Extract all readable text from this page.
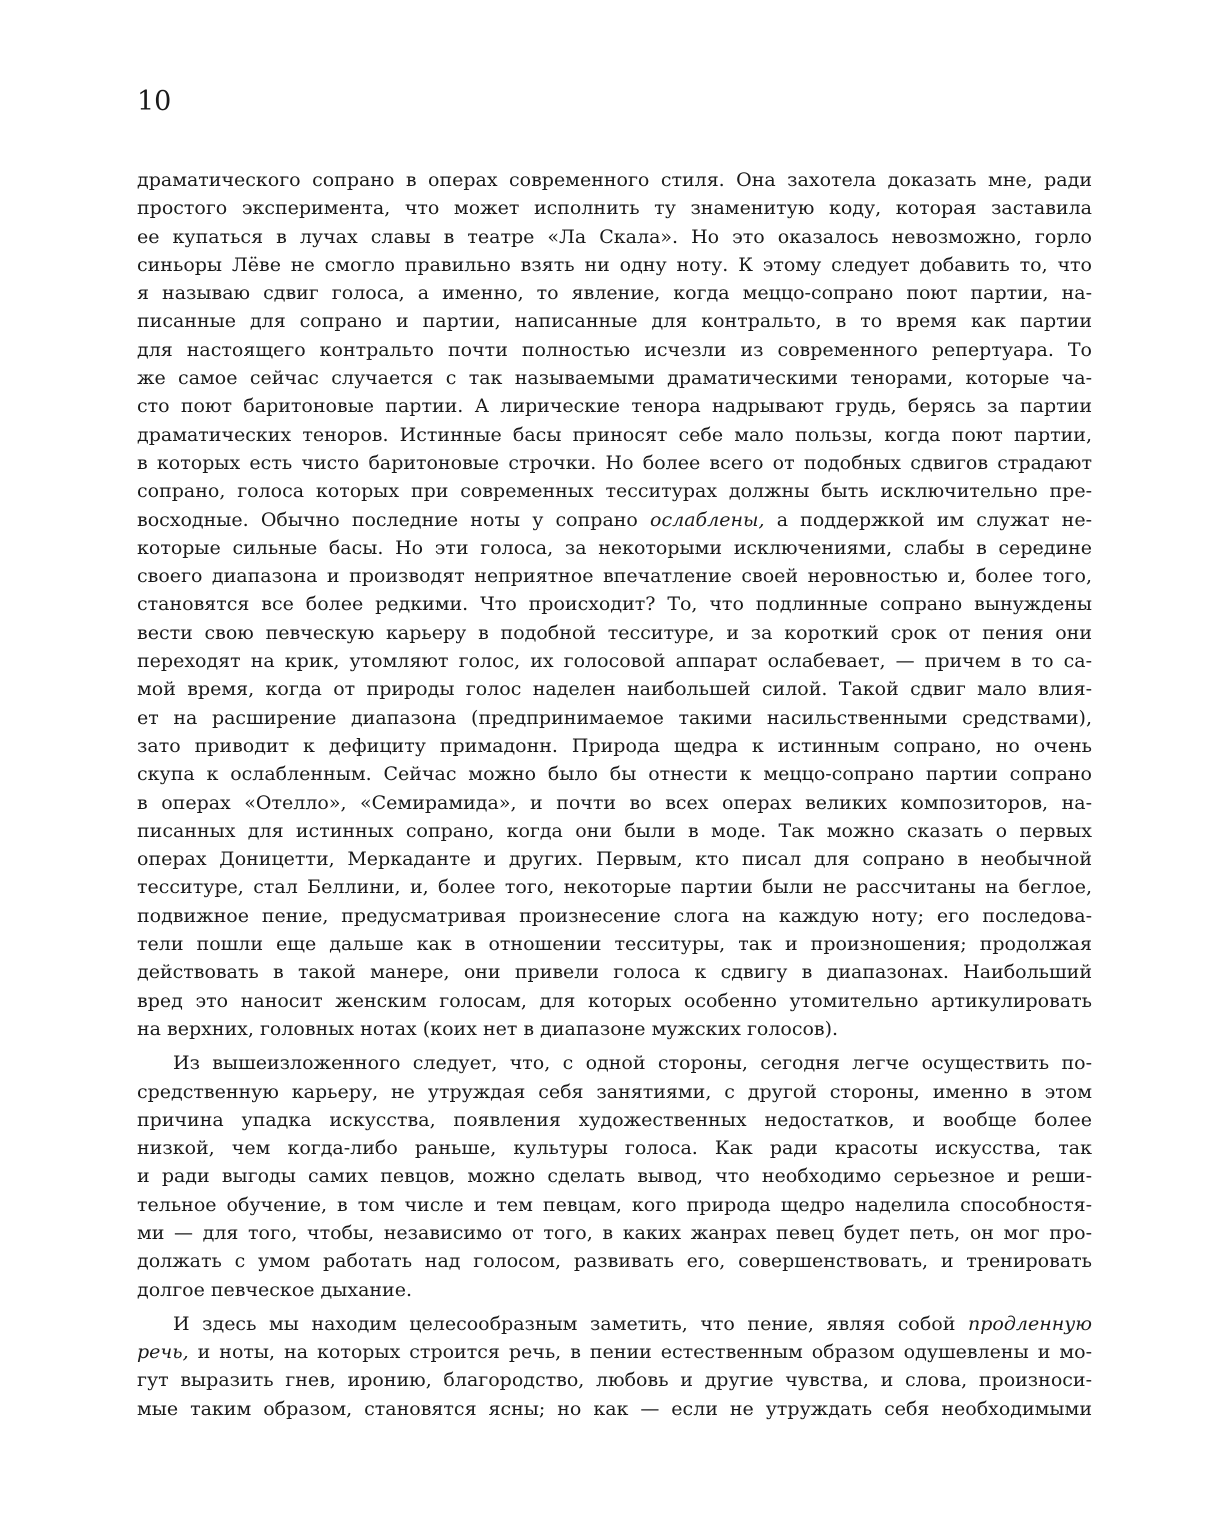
10
драматического сопрано в операх современного стиля. Она захотела доказать мне, ради
простого эксперимента, что может исполнить ту знаменитую коду, которая заставила
ее купаться в лучах славы в театре «Ла Скала». Но это оказалось невозможно, горло
синьоры Лёве не смогло правильно взять ни одну ноту. К этому следует добавить то, что
я называю сдвиг голоса, а именно, то явление, когда меццо-сопрано поют партии, на-
писанные для сопрано и партии, написанные для контральто, в то время как партии
для настоящего контральто почти полностью исчезли из современного репертуара. То
же самое сейчас случается с так называемыми драматическими тенорами, которые ча-
сто поют баритоновые партии. А лирические тенора надрывают грудь, берясь за партии
драматических теноров. Истинные басы приносят себе мало пользы, когда поют партии,
в которых есть чисто баритоновые строчки. Но более всего от подобных сдвигов страдают
сопрано, голоса которых при современных тесситурах должны быть исключительно пре-
восходные. Обычно последние ноты у сопрано ослаблены, а поддержкой им служат не-
которые сильные басы. Но эти голоса, за некоторыми исключениями, слабы в середине
своего диапазона и производят неприятное впечатление своей неровностью и, более того,
становятся все более редкими. Что происходит? То, что подлинные сопрано вынуждены
вести свою певческую карьеру в подобной тесситуре, и за короткий срок от пения они
переходят на крик, утомляют голос, их голосовой аппарат ослабевает, — причем в то са-
мой время, когда от природы голос наделен наибольшей силой. Такой сдвиг мало влия-
ет на расширение диапазона (предпринимаемое такими насильственными средствами),
зато приводит к дефициту примадонн. Природа щедра к истинным сопрано, но очень
скупа к ослабленным. Сейчас можно было бы отнести к меццо-сопрано партии сопрано
в операх «Отелло», «Семирамида», и почти во всех операх великих композиторов, на-
писанных для истинных сопрано, когда они были в моде. Так можно сказать о первых
операх Доницетти, Меркаданте и других. Первым, кто писал для сопрано в необычной
тесситуре, стал Беллини, и, более того, некоторые партии были не рассчитаны на беглое,
подвижное пение, предусматривая произнесение слога на каждую ноту; его последова-
тели пошли еще дальше как в отношении тесситуры, так и произношения; продолжая
действовать в такой манере, они привели голоса к сдвигу в диапазонах. Наибольший
вред это наносит женским голосам, для которых особенно утомительно артикулировать
на верхних, головных нотах (коих нет в диапазоне мужских голосов).
Из вышеизложенного следует, что, с одной стороны, сегодня легче осуществить по-
средственную карьеру, не утруждая себя занятиями, с другой стороны, именно в этом
причина упадка искусства, появления художественных недостатков, и вообще более
низкой, чем когда-либо раньше, культуры голоса. Как ради красоты искусства, так
и ради выгоды самих певцов, можно сделать вывод, что необходимо серьезное и реши-
тельное обучение, в том числе и тем певцам, кого природа щедро наделила способностя-
ми — для того, чтобы, независимо от того, в каких жанрах певец будет петь, он мог про-
должать с умом работать над голосом, развивать его, совершенствовать, и тренировать
долгое певческое дыхание.
И здесь мы находим целесообразным заметить, что пение, являя собой продленную
речь, и ноты, на которых строится речь, в пении естественным образом одушевлены и мо-
гут выразить гнев, иронию, благородство, любовь и другие чувства, и слова, произноси-
мые таким образом, становятся ясны; но как — если не утруждать себя необходимыми
